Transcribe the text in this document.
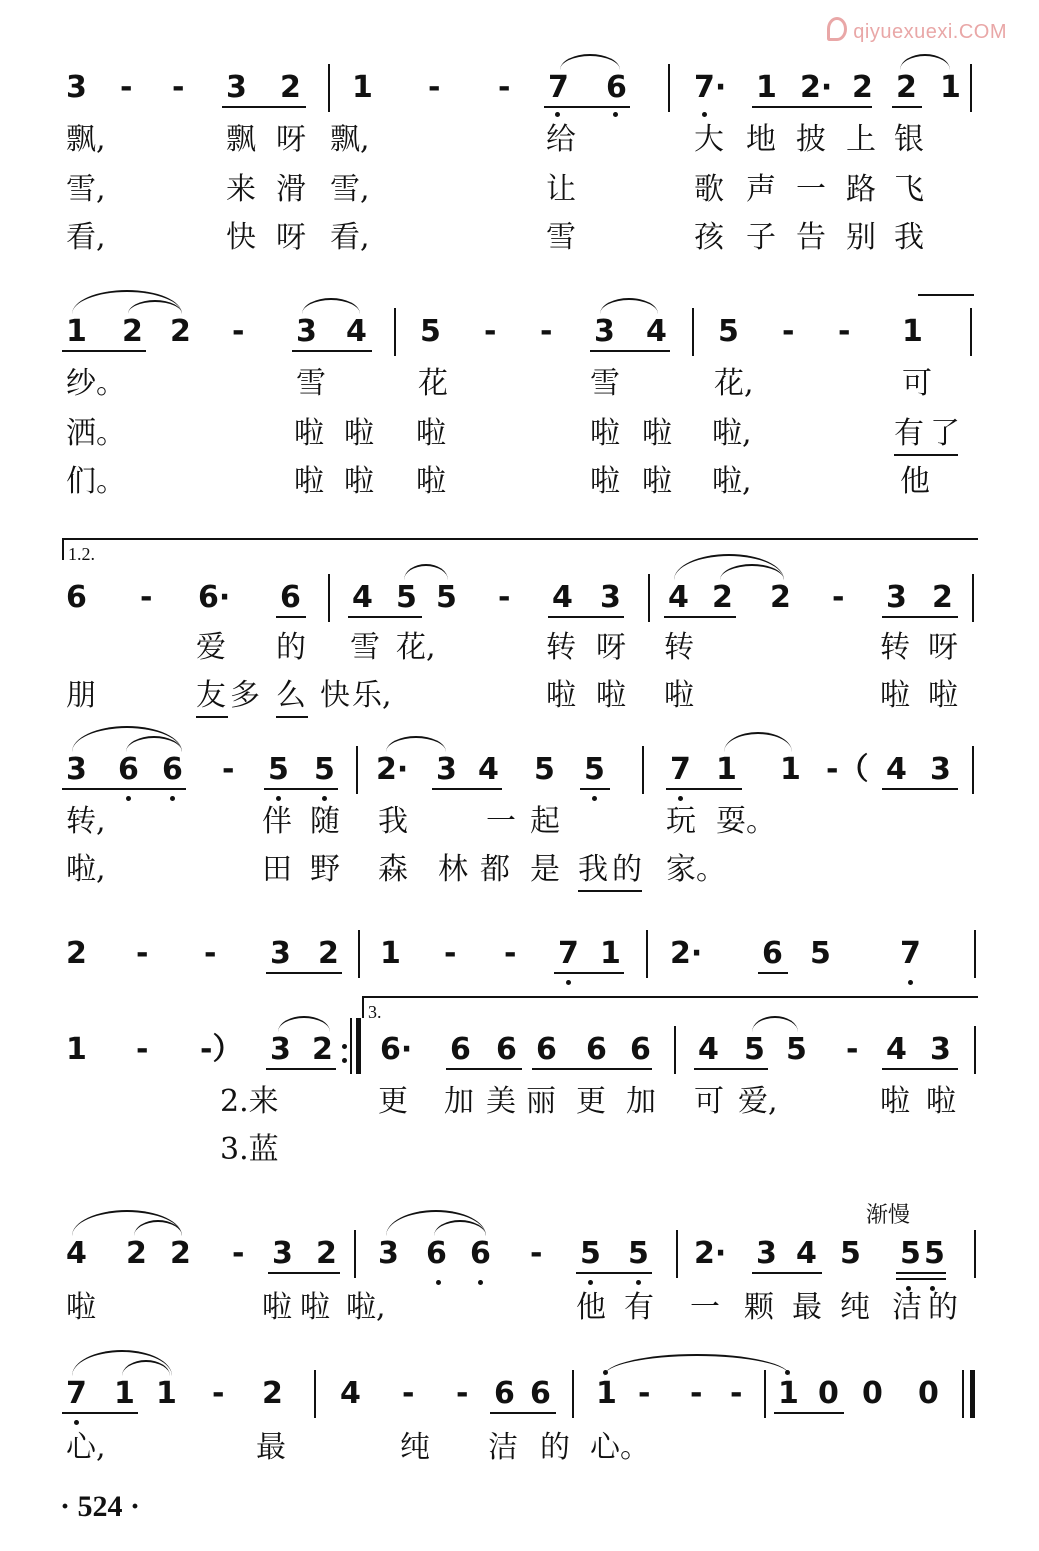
qiyuexuexi.COM
3 - - 3 2 1 - - 7 6 7· 1 2· 2 2 1
飘,	飘 呀 飘,	给	大 地 披 上 银
雪,	来 滑 雪,	让	歌 声 一 路 飞
看,	快 呀 看,	雪	孩 子 告 别 我
1 2 2 - 3 4 5 - - 3 4 5 - - 1
纱。	雪	花	雪	花,	可
洒。	啦 啦 啦	啦 啦 啦,	有 了
们。	啦 啦 啦	啦 啦 啦,	他
1.2.
6 - 6· 6 4 5 5 - 4 3 4 2 2 - 3 2
爱 的 雪 花,	转 呀 转	转 呀
朋	友 多 么 快 乐,	啦 啦 啦	啦 啦
3 6 6 - 5 5 2· 3 4 5 5 7 1 1 -（ 4 3
转,	伴 随 我	一 起	玩 耍。
啦,	田 野 森 林 都 是 我 的 家。
2 - - 3 2 1 - - 7 1 2· 6 5 7
3.
1 - -） 3 2 6· 6 6 6 6 6 4 5 5 - 4 3
2.来	更 加 美 丽 更 加 可 爱,	啦 啦
3.蓝
渐慢
4 2 2 - 3 2 3 6 6 - 5 5 2· 3 4 5 5 5
啦	啦 啦 啦,	他 有 一 颗 最 纯 洁 的
7 1 1 - 2 4 - - 6 6 1 - - - 1 0 0 0
心,	最	纯 洁 的 心。
· 524 ·
